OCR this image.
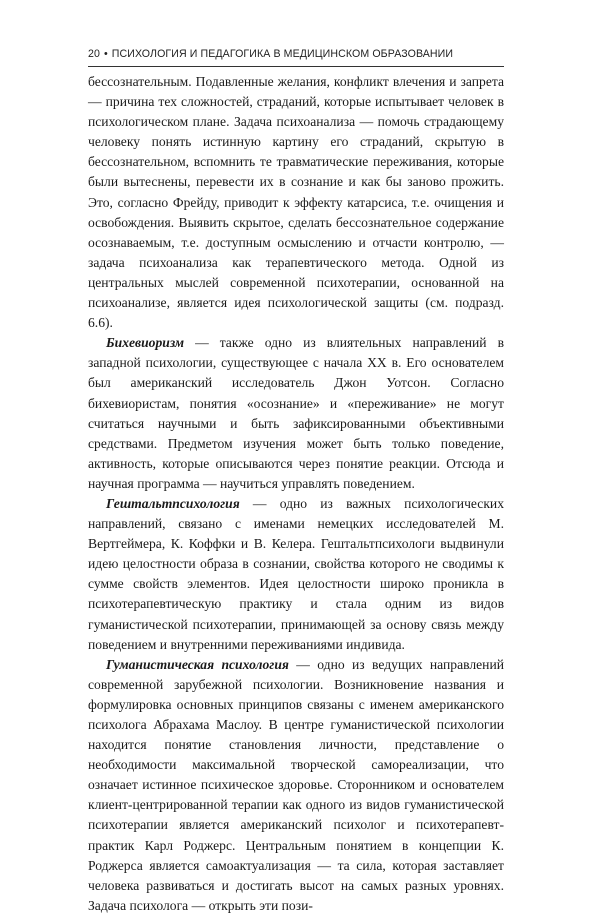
20 • ПСИХОЛОГИЯ И ПЕДАГОГИКА В МЕДИЦИНСКОМ ОБРАЗОВАНИИ

бессознательным. Подавленные желания, конфликт влечения и запрета — причина тех сложностей, страданий, которые испытывает человек в психологическом плане. Задача психоанализа — помочь страдающему человеку понять истинную картину его страданий, скрытую в бессознательном, вспомнить те травматические переживания, которые были вытеснены, перевести их в сознание и как бы заново прожить. Это, согласно Фрейду, приводит к эффекту катарсиса, т.е. очищения и освобождения. Выявить скрытое, сделать бессознательное содержание осознаваемым, т.е. доступным осмыслению и отчасти контролю, — задача психоанализа как терапевтического метода. Одной из центральных мыслей современной психотерапии, основанной на психоанализе, является идея психологической защиты (см. подразд. 6.6).

Бихевиоризм — также одно из влиятельных направлений в западной психологии, существующее с начала XX в. Его основателем был американский исследователь Джон Уотсон. Согласно бихевиористам, понятия «осознание» и «переживание» не могут считаться научными и быть зафиксированными объективными средствами. Предметом изучения может быть только поведение, активность, которые описываются через понятие реакции. Отсюда и научная программа — научиться управлять поведением.

Гештальтпсихология — одно из важных психологических направлений, связано с именами немецких исследователей М. Вертгеймера, К. Коффки и В. Келера. Гештальтпсихологи выдвинули идею целостности образа в сознании, свойства которого не сводимы к сумме свойств элементов. Идея целостности широко проникла в психотерапевтическую практику и стала одним из видов гуманистической психотерапии, принимающей за основу связь между поведением и внутренними переживаниями индивида.

Гуманистическая психология — одно из ведущих направлений современной зарубежной психологии. Возникновение названия и формулировка основных принципов связаны с именем американского психолога Абрахама Маслоу. В центре гуманистической психологии находится понятие становления личности, представление о необходимости максимальной творческой самореализации, что означает истинное психическое здоровье. Сторонником и основателем клиент-центрированной терапии как одного из видов гуманистической психотерапии является американский психолог и психотерапевт-практик Карл Роджерс. Центральным понятием в концепции К. Роджерса является самоактуализация — та сила, которая заставляет человека развиваться и достигать высот на самых разных уровнях. Задача психолога — открыть эти пози-
